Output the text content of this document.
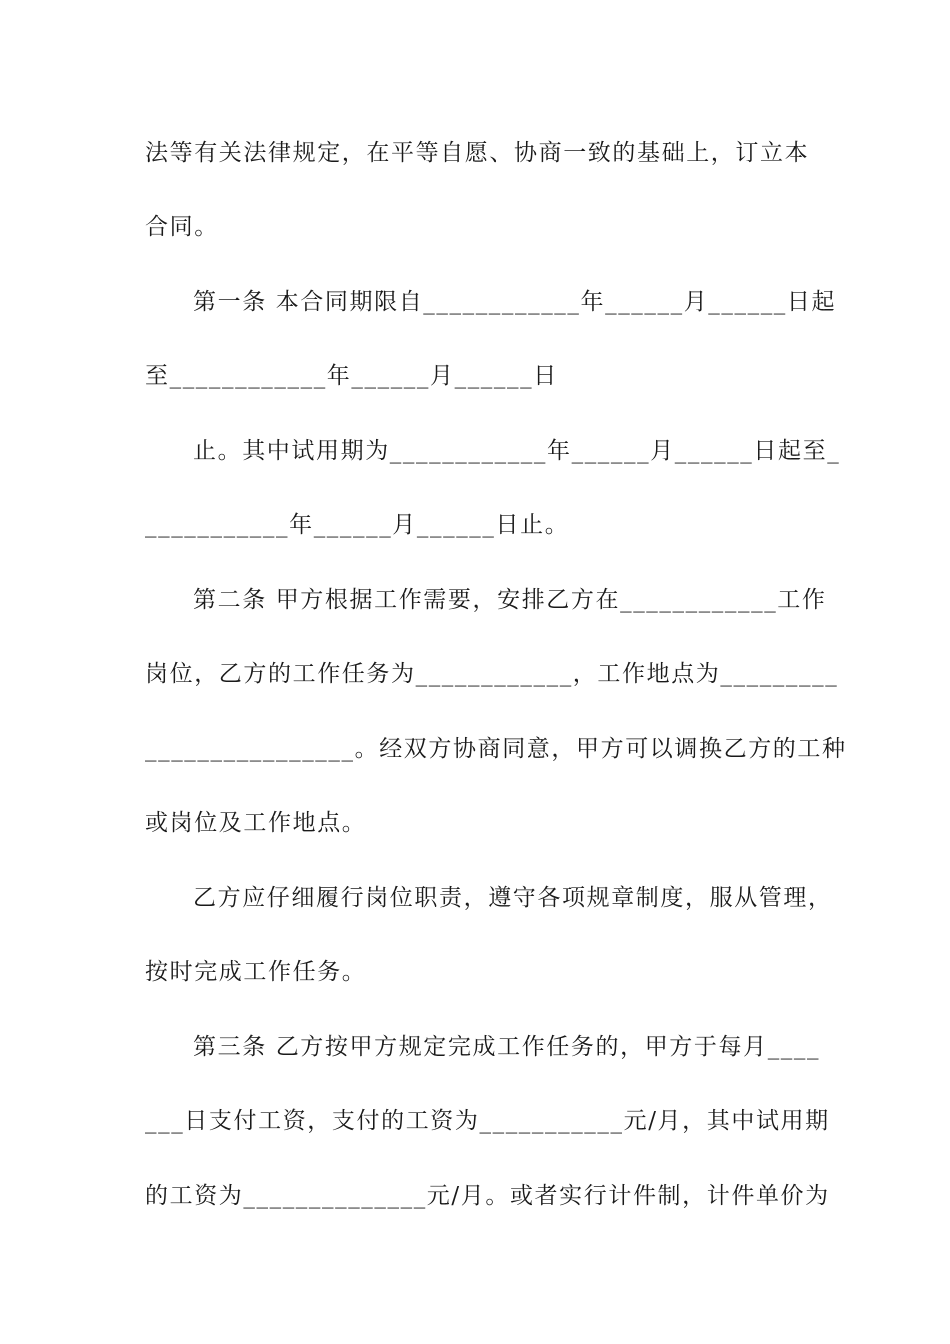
法等有关法律规定，在平等自愿、协商一致的基础上，订立本
合同。
第一条 本合同期限自____________年______月______日起
至____________年______月______日
止。其中试用期为____________年______月______日起至_
___________年______月______日止。
第二条 甲方根据工作需要，安排乙方在____________工作
岗位，乙方的工作任务为____________，工作地点为_________
________________。经双方协商同意，甲方可以调换乙方的工种
或岗位及工作地点。
乙方应仔细履行岗位职责，遵守各项规章制度，服从管理，
按时完成工作任务。
第三条 乙方按甲方规定完成工作任务的，甲方于每月____
___日支付工资，支付的工资为___________元/月，其中试用期
的工资为______________元/月。或者实行计件制，计件单价为
